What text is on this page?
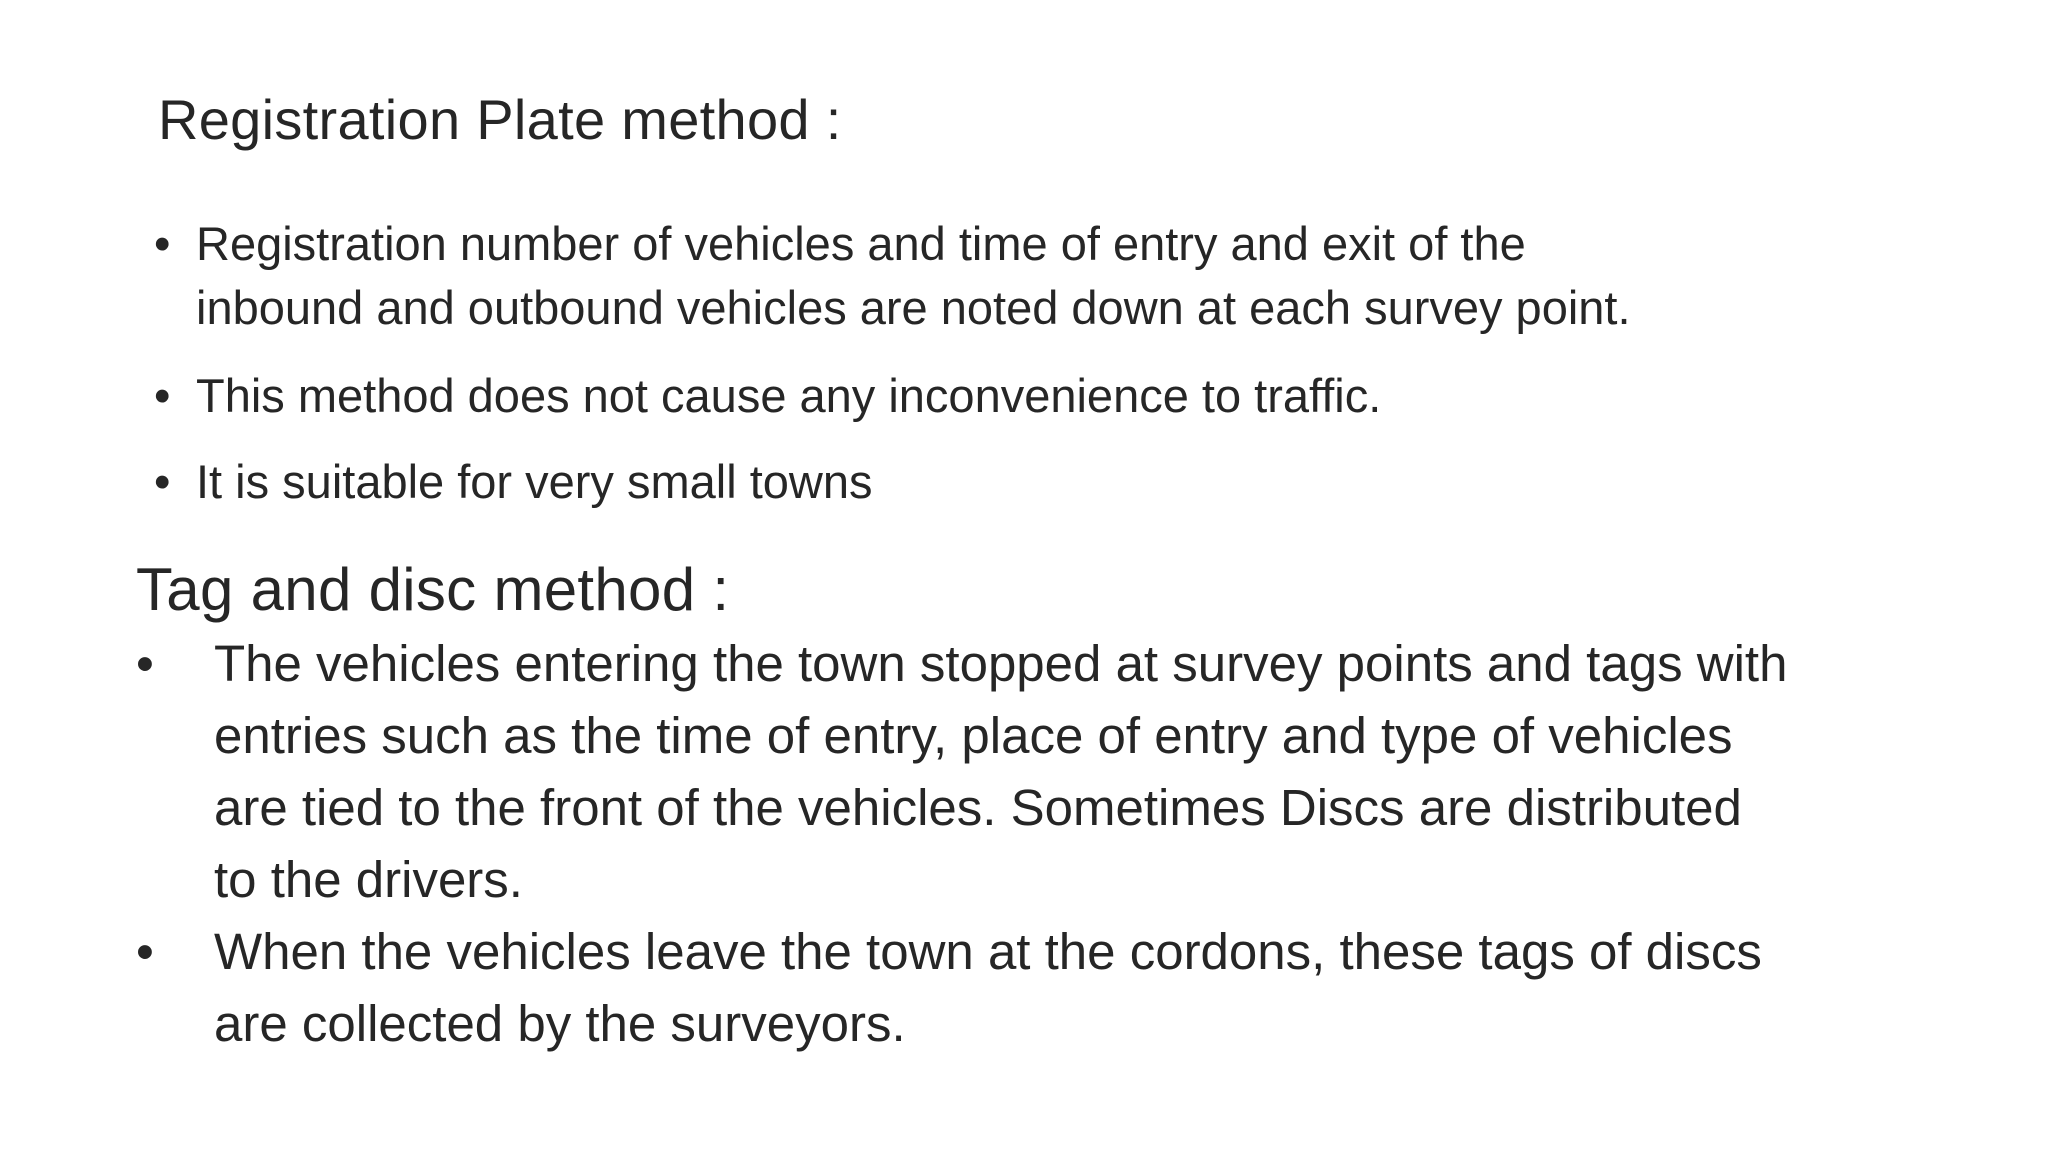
Registration Plate method :
• Registration number of vehicles and time of entry and exit of the
inbound and outbound vehicles are noted down at each survey point.
• This method does not cause any inconvenience to traffic.
• It is suitable for very small towns
Tag and disc method :
• The vehicles entering the town stopped at survey points and tags with
entries such as the time of entry, place of entry and type of vehicles
are tied to the front of the vehicles. Sometimes Discs are distributed
to the drivers.
• When the vehicles leave the town at the cordons, these tags of discs
are collected by the surveyors.
